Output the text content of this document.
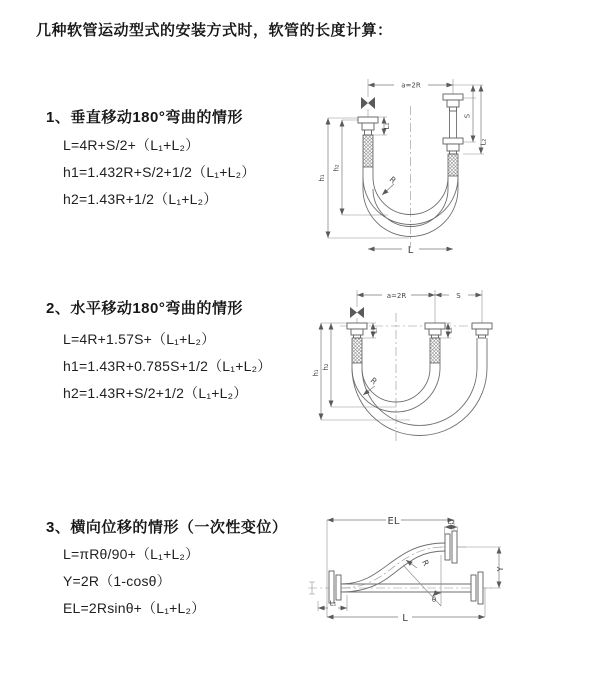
几种软管运动型式的安装方式时，软管的长度计算：
1、垂直移动180°弯曲的情形
L=4R+S/2+（L₁+L₂）
h1=1.432R+S/2+1/2（L₁+L₂）
h2=1.43R+1/2（L₁+L₂）
2、水平移动180°弯曲的情形
L=4R+1.57S+（L₁+L₂）
h1=1.43R+0.785S+1/2（L₁+L₂）
h2=1.43R+S/2+1/2（L₁+L₂）
3、横向位移的情形（一次性变位）
L=πRθ/90+（L₁+L₂）
Y=2R（1-cosθ）
EL=2Rsinθ+（L₁+L₂）
a=2R
h₁
h₂
L₁
S
L₂
R
L
a=2R	S
h₁
h₂
L₁	L₂
R
EL	L₂
Y
R
θ
L₁
L
